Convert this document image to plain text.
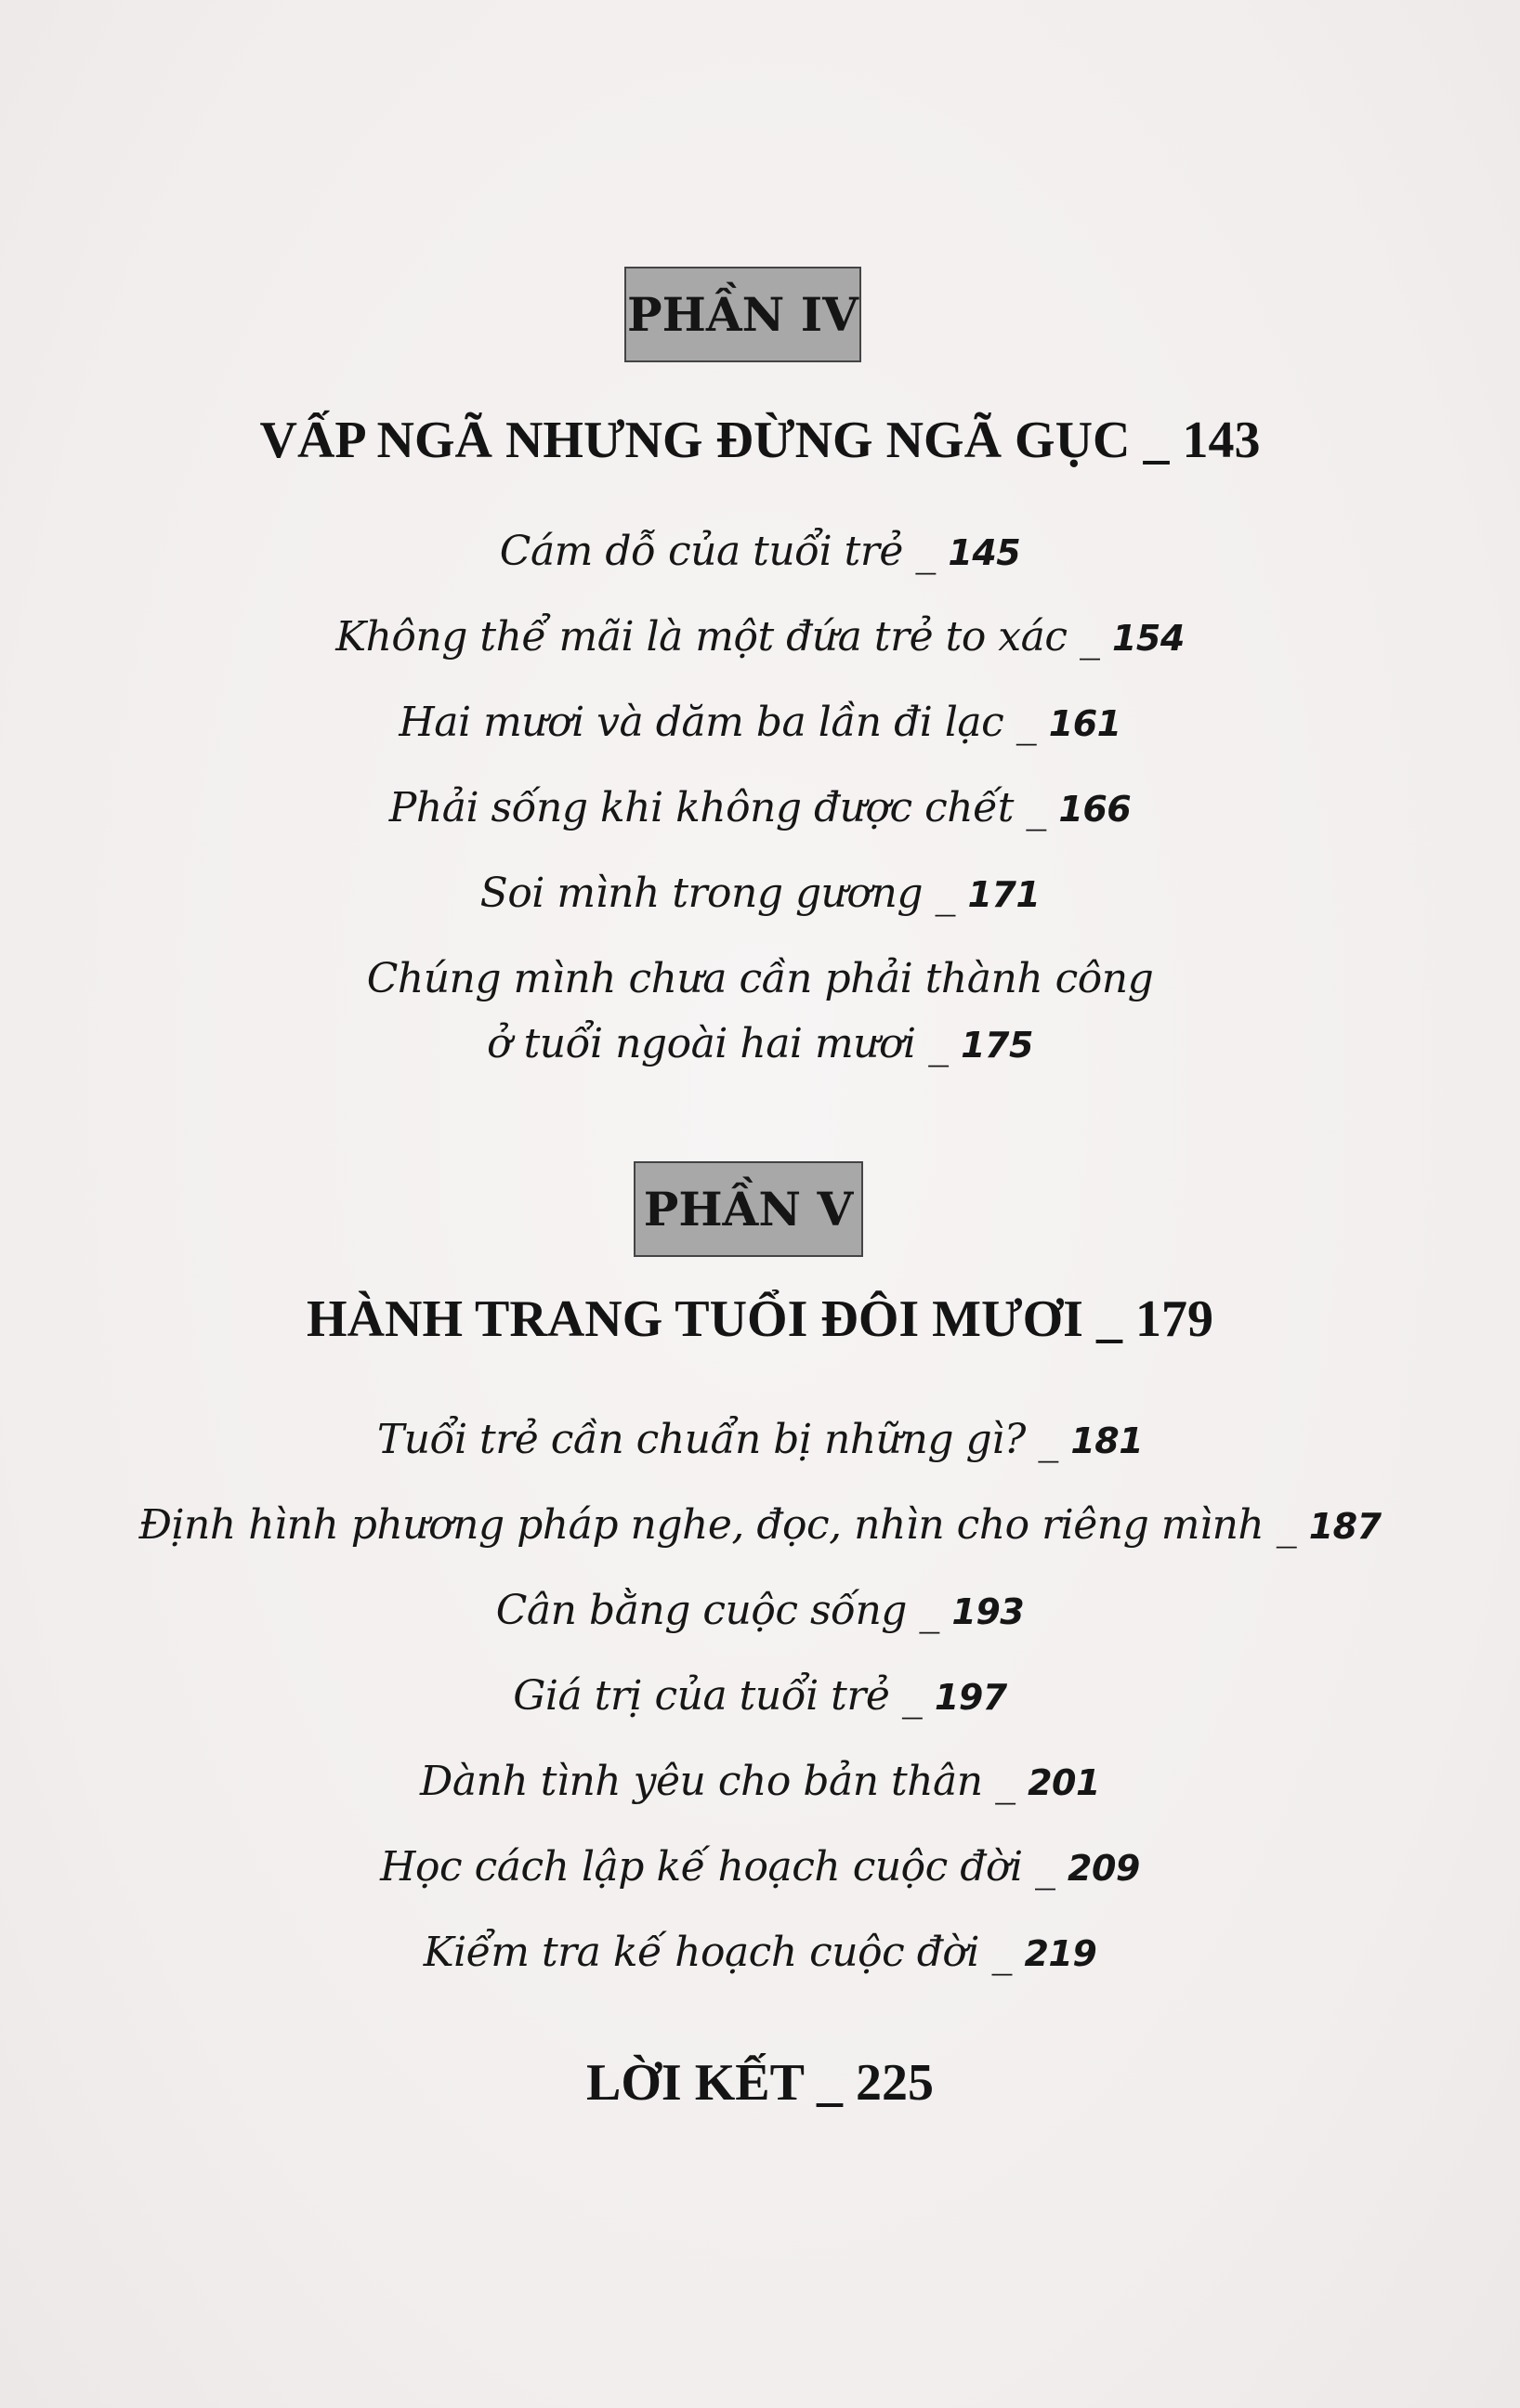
PHẦN IV
VẤP NGÃ NHƯNG ĐỪNG NGÃ GỤC _ 143
Cám dỗ của tuổi trẻ _ 145
Không thể mãi là một đứa trẻ to xác _ 154
Hai mươi và dăm ba lần đi lạc _ 161
Phải sống khi không được chết _ 166
Soi mình trong gương _ 171
Chúng mình chưa cần phải thành công
ở tuổi ngoài hai mươi _ 175
PHẦN V
HÀNH TRANG TUỔI ĐÔI MƯƠI _ 179
Tuổi trẻ cần chuẩn bị những gì? _ 181
Định hình phương pháp nghe, đọc, nhìn cho riêng mình _ 187
Cân bằng cuộc sống _ 193
Giá trị của tuổi trẻ _ 197
Dành tình yêu cho bản thân _ 201
Học cách lập kế hoạch cuộc đời _ 209
Kiểm tra kế hoạch cuộc đời _ 219
LỜI KẾT _ 225
